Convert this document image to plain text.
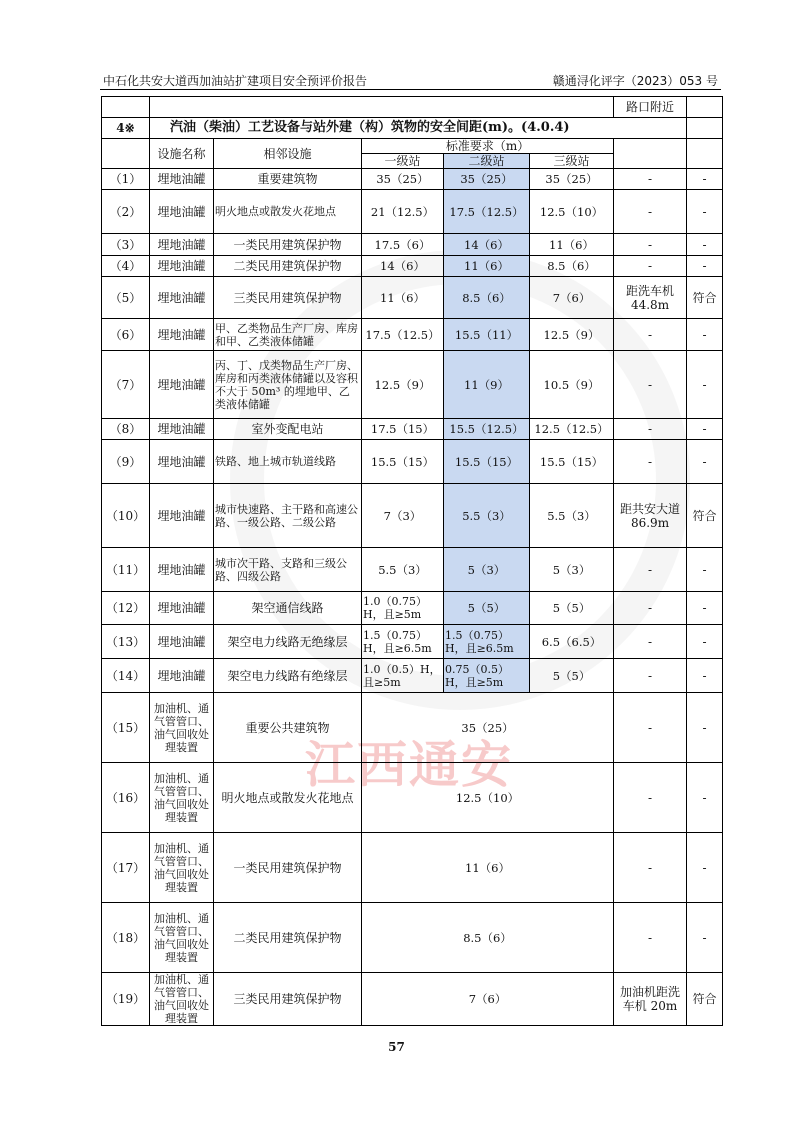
中石化共安大道西加油站扩建项目安全预评价报告	赣通浔化评字（2023）053 号
江西通安
						路口附近	
4※	汽油（柴油）工艺设备与站外建（构）筑物的安全间距(m)。(4.0.4)						
	设施名称	相邻设施	标准要求（m）				
			一级站	二级站	三级站		
（1）	埋地油罐	重要建筑物	35（25）	35（25）	35（25）	-	-
（2）	埋地油罐	明火地点或散发火花地点	21（12.5）	17.5（12.5）	12.5（10）	-	-
（3）	埋地油罐	一类民用建筑保护物	17.5（6）	14（6）	11（6）	-	-
（4）	埋地油罐	二类民用建筑保护物	14（6）	11（6）	8.5（6）	-	-
（5）	埋地油罐	三类民用建筑保护物	11（6）	8.5（6）	7（6）	距洗车机 44.8m	符合
（6）	埋地油罐	甲、乙类物品生产厂房、库房和甲、乙类液体储罐	17.5（12.5）	15.5（11）	12.5（9）	-	-
（7）	埋地油罐	丙、丁、戊类物品生产厂房、库房和丙类液体储罐以及容积不大于 50m³ 的埋地甲、乙类液体储罐	12.5（9）	11（9）	10.5（9）	-	-
（8）	埋地油罐	室外变配电站	17.5（15）	15.5（12.5）	12.5（12.5）	-	-
（9）	埋地油罐	铁路、地上城市轨道线路	15.5（15）	15.5（15）	15.5（15）	-	-
（10）	埋地油罐	城市快速路、主干路和高速公路、一级公路、二级公路	7（3）	5.5（3）	5.5（3）	距共安大道 86.9m	符合
（11）	埋地油罐	城市次干路、支路和三级公路、四级公路	5.5（3）	5（3）	5（3）	-	-
（12）	埋地油罐	架空通信线路	1.0（0.75）H，且≥5m	5（5）	5（5）	-	-
（13）	埋地油罐	架空电力线路无绝缘层	1.5（0.75）H，且≥6.5m	1.5（0.75）H，且≥6.5m	6.5（6.5）	-	-
（14）	埋地油罐	架空电力线路有绝缘层	1.0（0.5）H，且≥5m	0.75（0.5）H，且≥5m	5（5）	-	-
（15）	加油机、通气管管口、油气回收处理装置	重要公共建筑物	35（25）			-	-
（16）	加油机、通气管管口、油气回收处理装置	明火地点或散发火花地点	12.5（10）			-	-
（17）	加油机、通气管管口、油气回收处理装置	一类民用建筑保护物	11（6）			-	-
（18）	加油机、通气管管口、油气回收处理装置	二类民用建筑保护物	8.5（6）			-	-
（19）	加油机、通气管管口、油气回收处理装置	三类民用建筑保护物	7（6）			加油机距洗车机 20m	符合
57
